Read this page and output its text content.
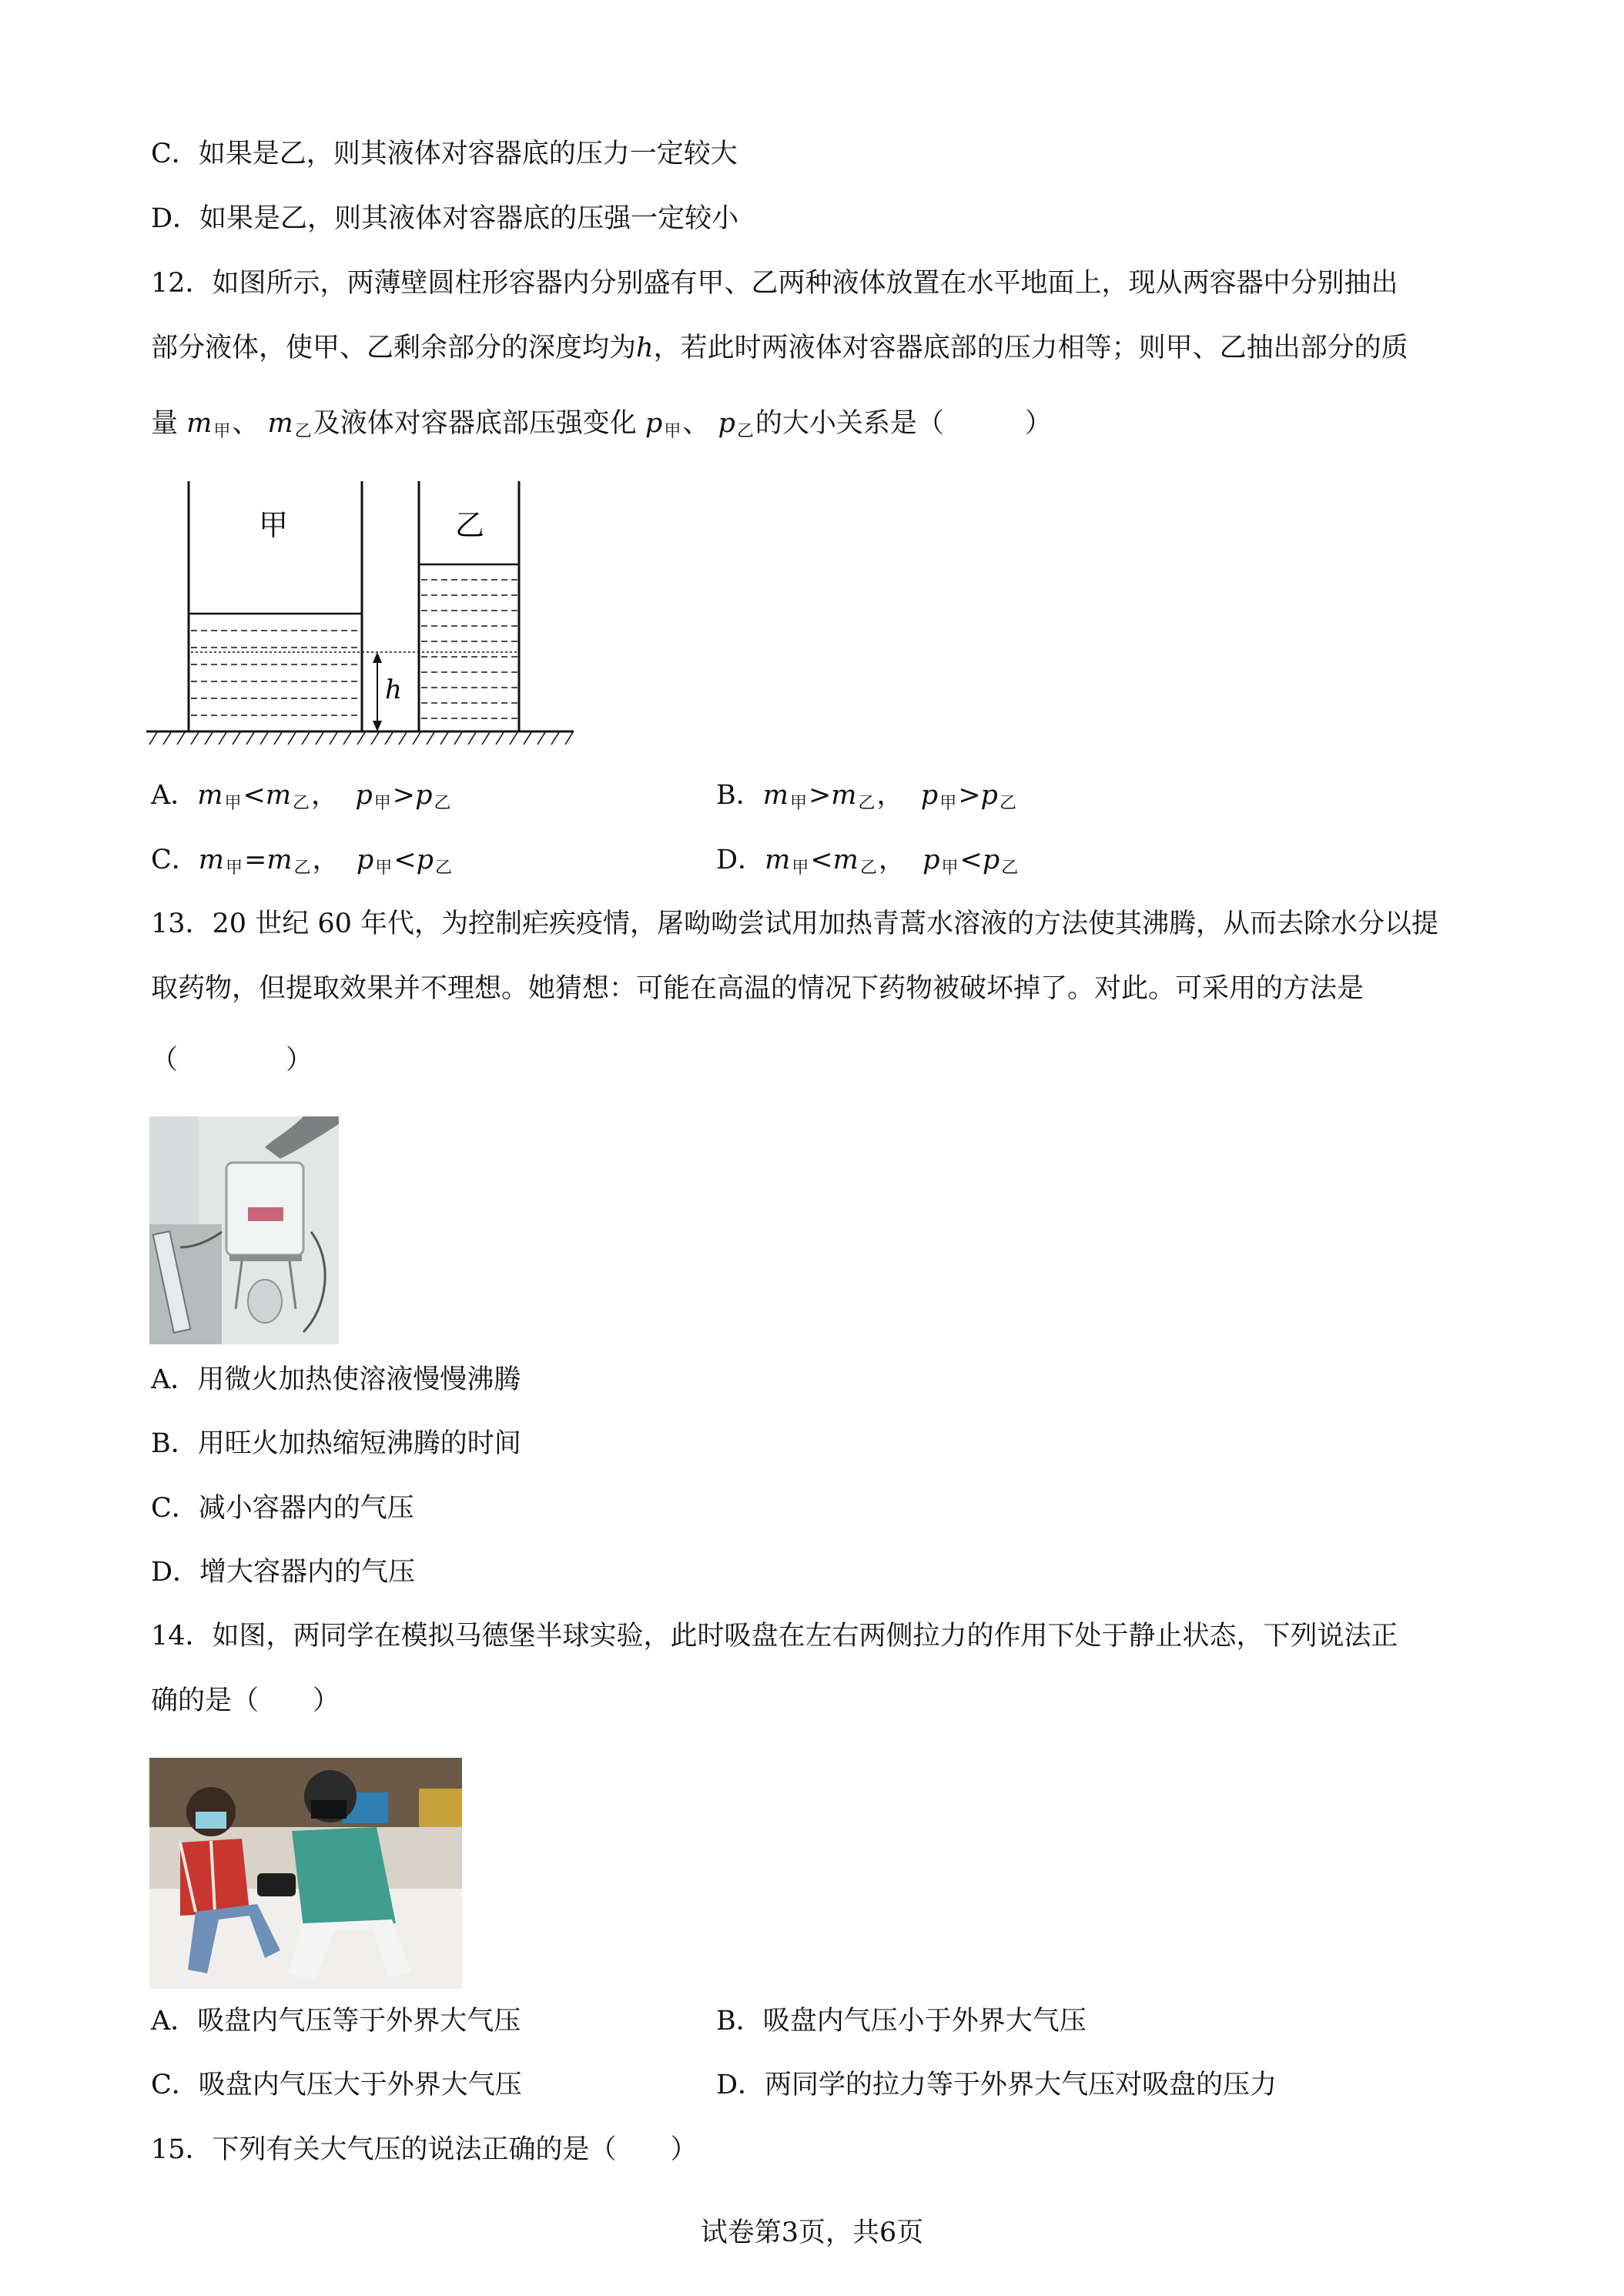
C．如果是乙，则其液体对容器底的压力一定较大
D．如果是乙，则其液体对容器底的压强一定较小
12．如图所示，两薄壁圆柱形容器内分别盛有甲、乙两种液体放置在水平地面上，现从两容器中分别抽出
部分液体，使甲、乙剩余部分的深度均为h，若此时两液体对容器底部的压力相等；则甲、乙抽出部分的质
量 $m_甲$、 $m_乙$及液体对容器底部压强变化 $p_甲$、 $p_乙$的大小关系是（　　　）
甲	乙
h
A．$m_甲<m_乙$， $p_甲>p_乙$	B．$m_甲>m_乙$， $p_甲>p_乙$
C．$m_甲=m_乙$， $p_甲<p_乙$	D．$m_甲<m_乙$， $p_甲<p_乙$
13．20 世纪 60 年代，为控制疟疾疫情，屠呦呦尝试用加热青蒿水溶液的方法使其沸腾，从而去除水分以提
取药物，但提取效果并不理想。她猜想：可能在高温的情况下药物被破坏掉了。对此。可采用的方法是
（　　　　）
A．用微火加热使溶液慢慢沸腾
B．用旺火加热缩短沸腾的时间
C．减小容器内的气压
D．增大容器内的气压
14．如图，两同学在模拟马德堡半球实验，此时吸盘在左右两侧拉力的作用下处于静止状态，下列说法正
确的是（　　）
A．吸盘内气压等于外界大气压	B．吸盘内气压小于外界大气压
C．吸盘内气压大于外界大气压	D．两同学的拉力等于外界大气压对吸盘的压力
15．下列有关大气压的说法正确的是（　　）
试卷第3页，共6页
